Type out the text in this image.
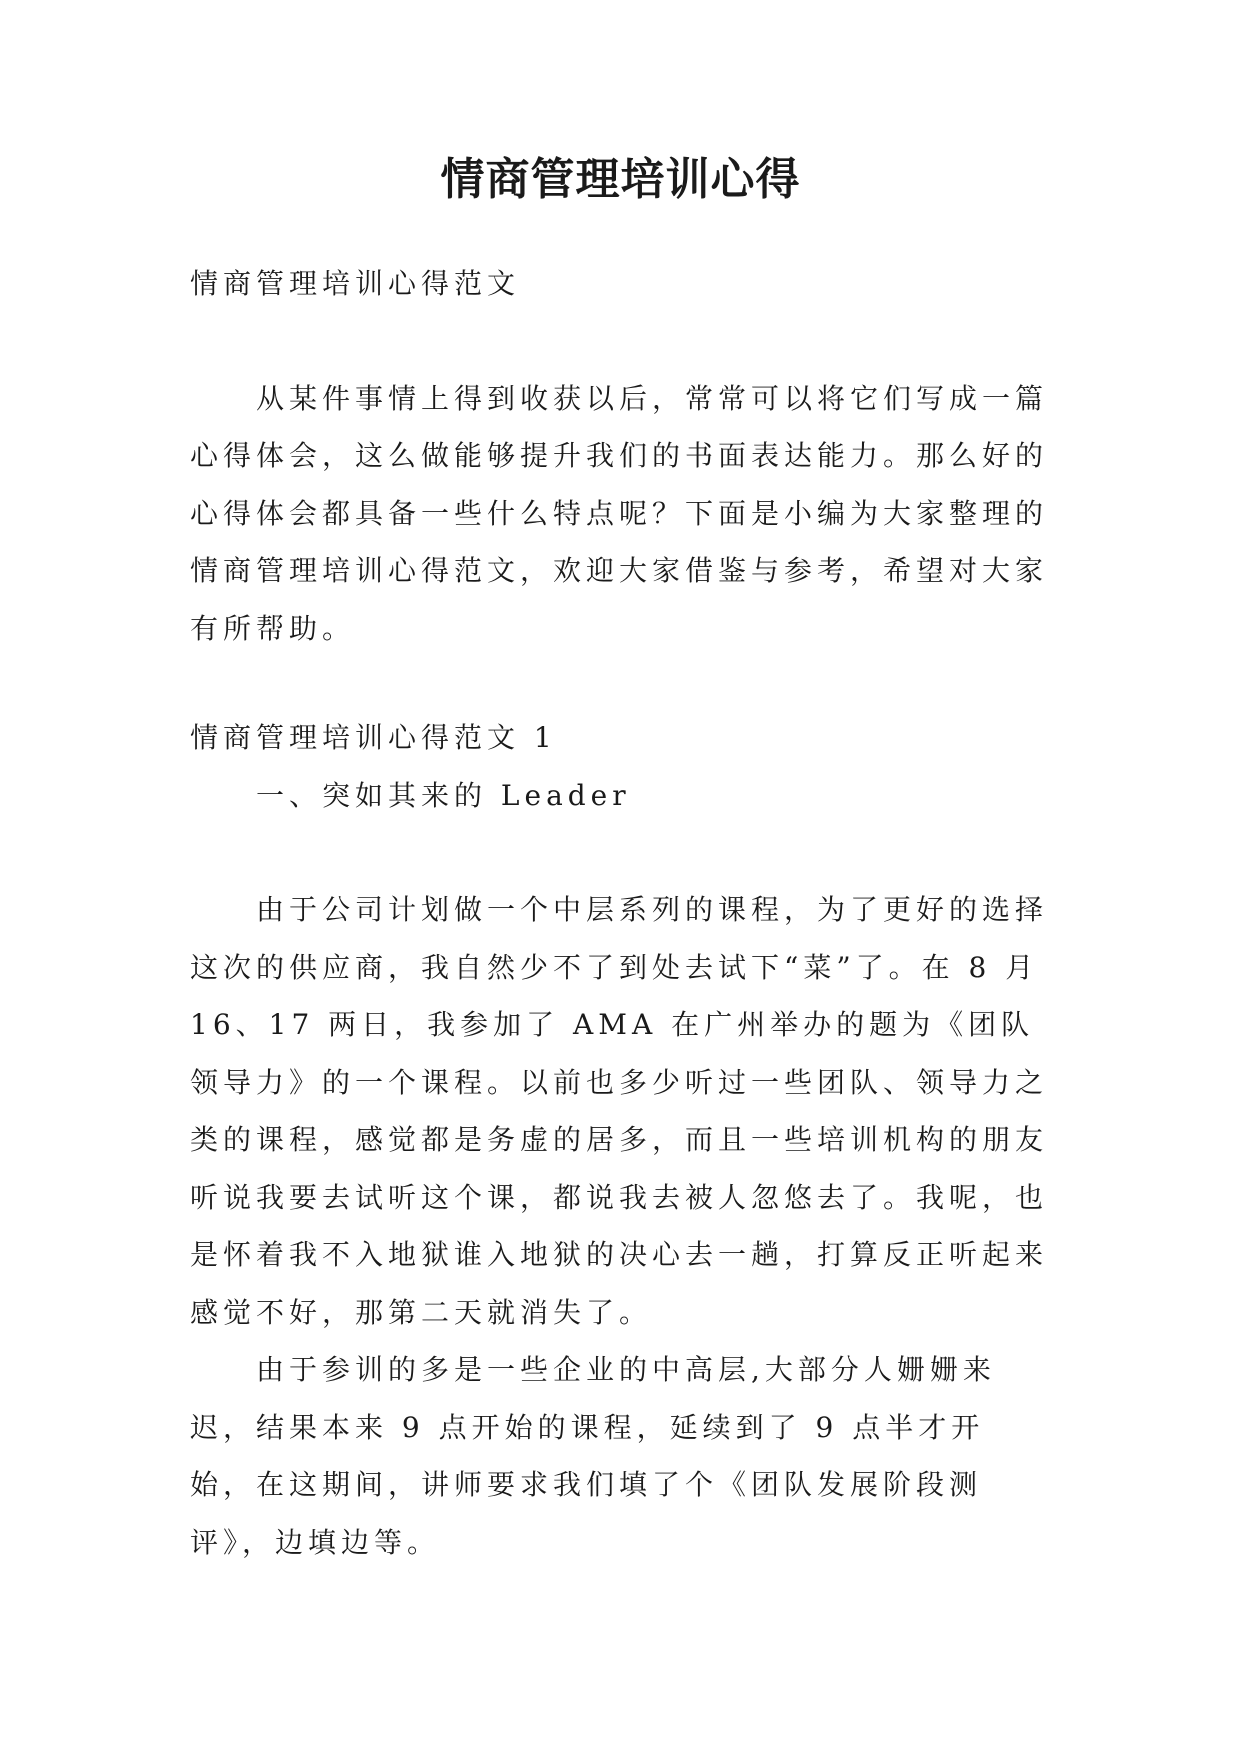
情商管理培训心得

情商管理培训心得范文

从某件事情上得到收获以后，常常可以将它们写成一篇心得体会，这么做能够提升我们的书面表达能力。那么好的心得体会都具备一些什么特点呢？下面是小编为大家整理的情商管理培训心得范文，欢迎大家借鉴与参考，希望对大家有所帮助。

情商管理培训心得范文 1

一、突如其来的 Leader

由于公司计划做一个中层系列的课程，为了更好的选择这次的供应商，我自然少不了到处去试下“菜”了。在 8 月 16、17 两日，我参加了 AMA 在广州举办的题为《团队领导力》的一个课程。以前也多少听过一些团队、领导力之类的课程，感觉都是务虚的居多，而且一些培训机构的朋友听说我要去试听这个课，都说我去被人忽悠去了。我呢，也是怀着我不入地狱谁入地狱的决心去一趟，打算反正听起来感觉不好，那第二天就消失了。

由于参训的多是一些企业的中高层,大部分人姗姗来迟，结果本来 9 点开始的课程，延续到了 9 点半才开始，在这期间，讲师要求我们填了个《团队发展阶段测评》，边填边等。
